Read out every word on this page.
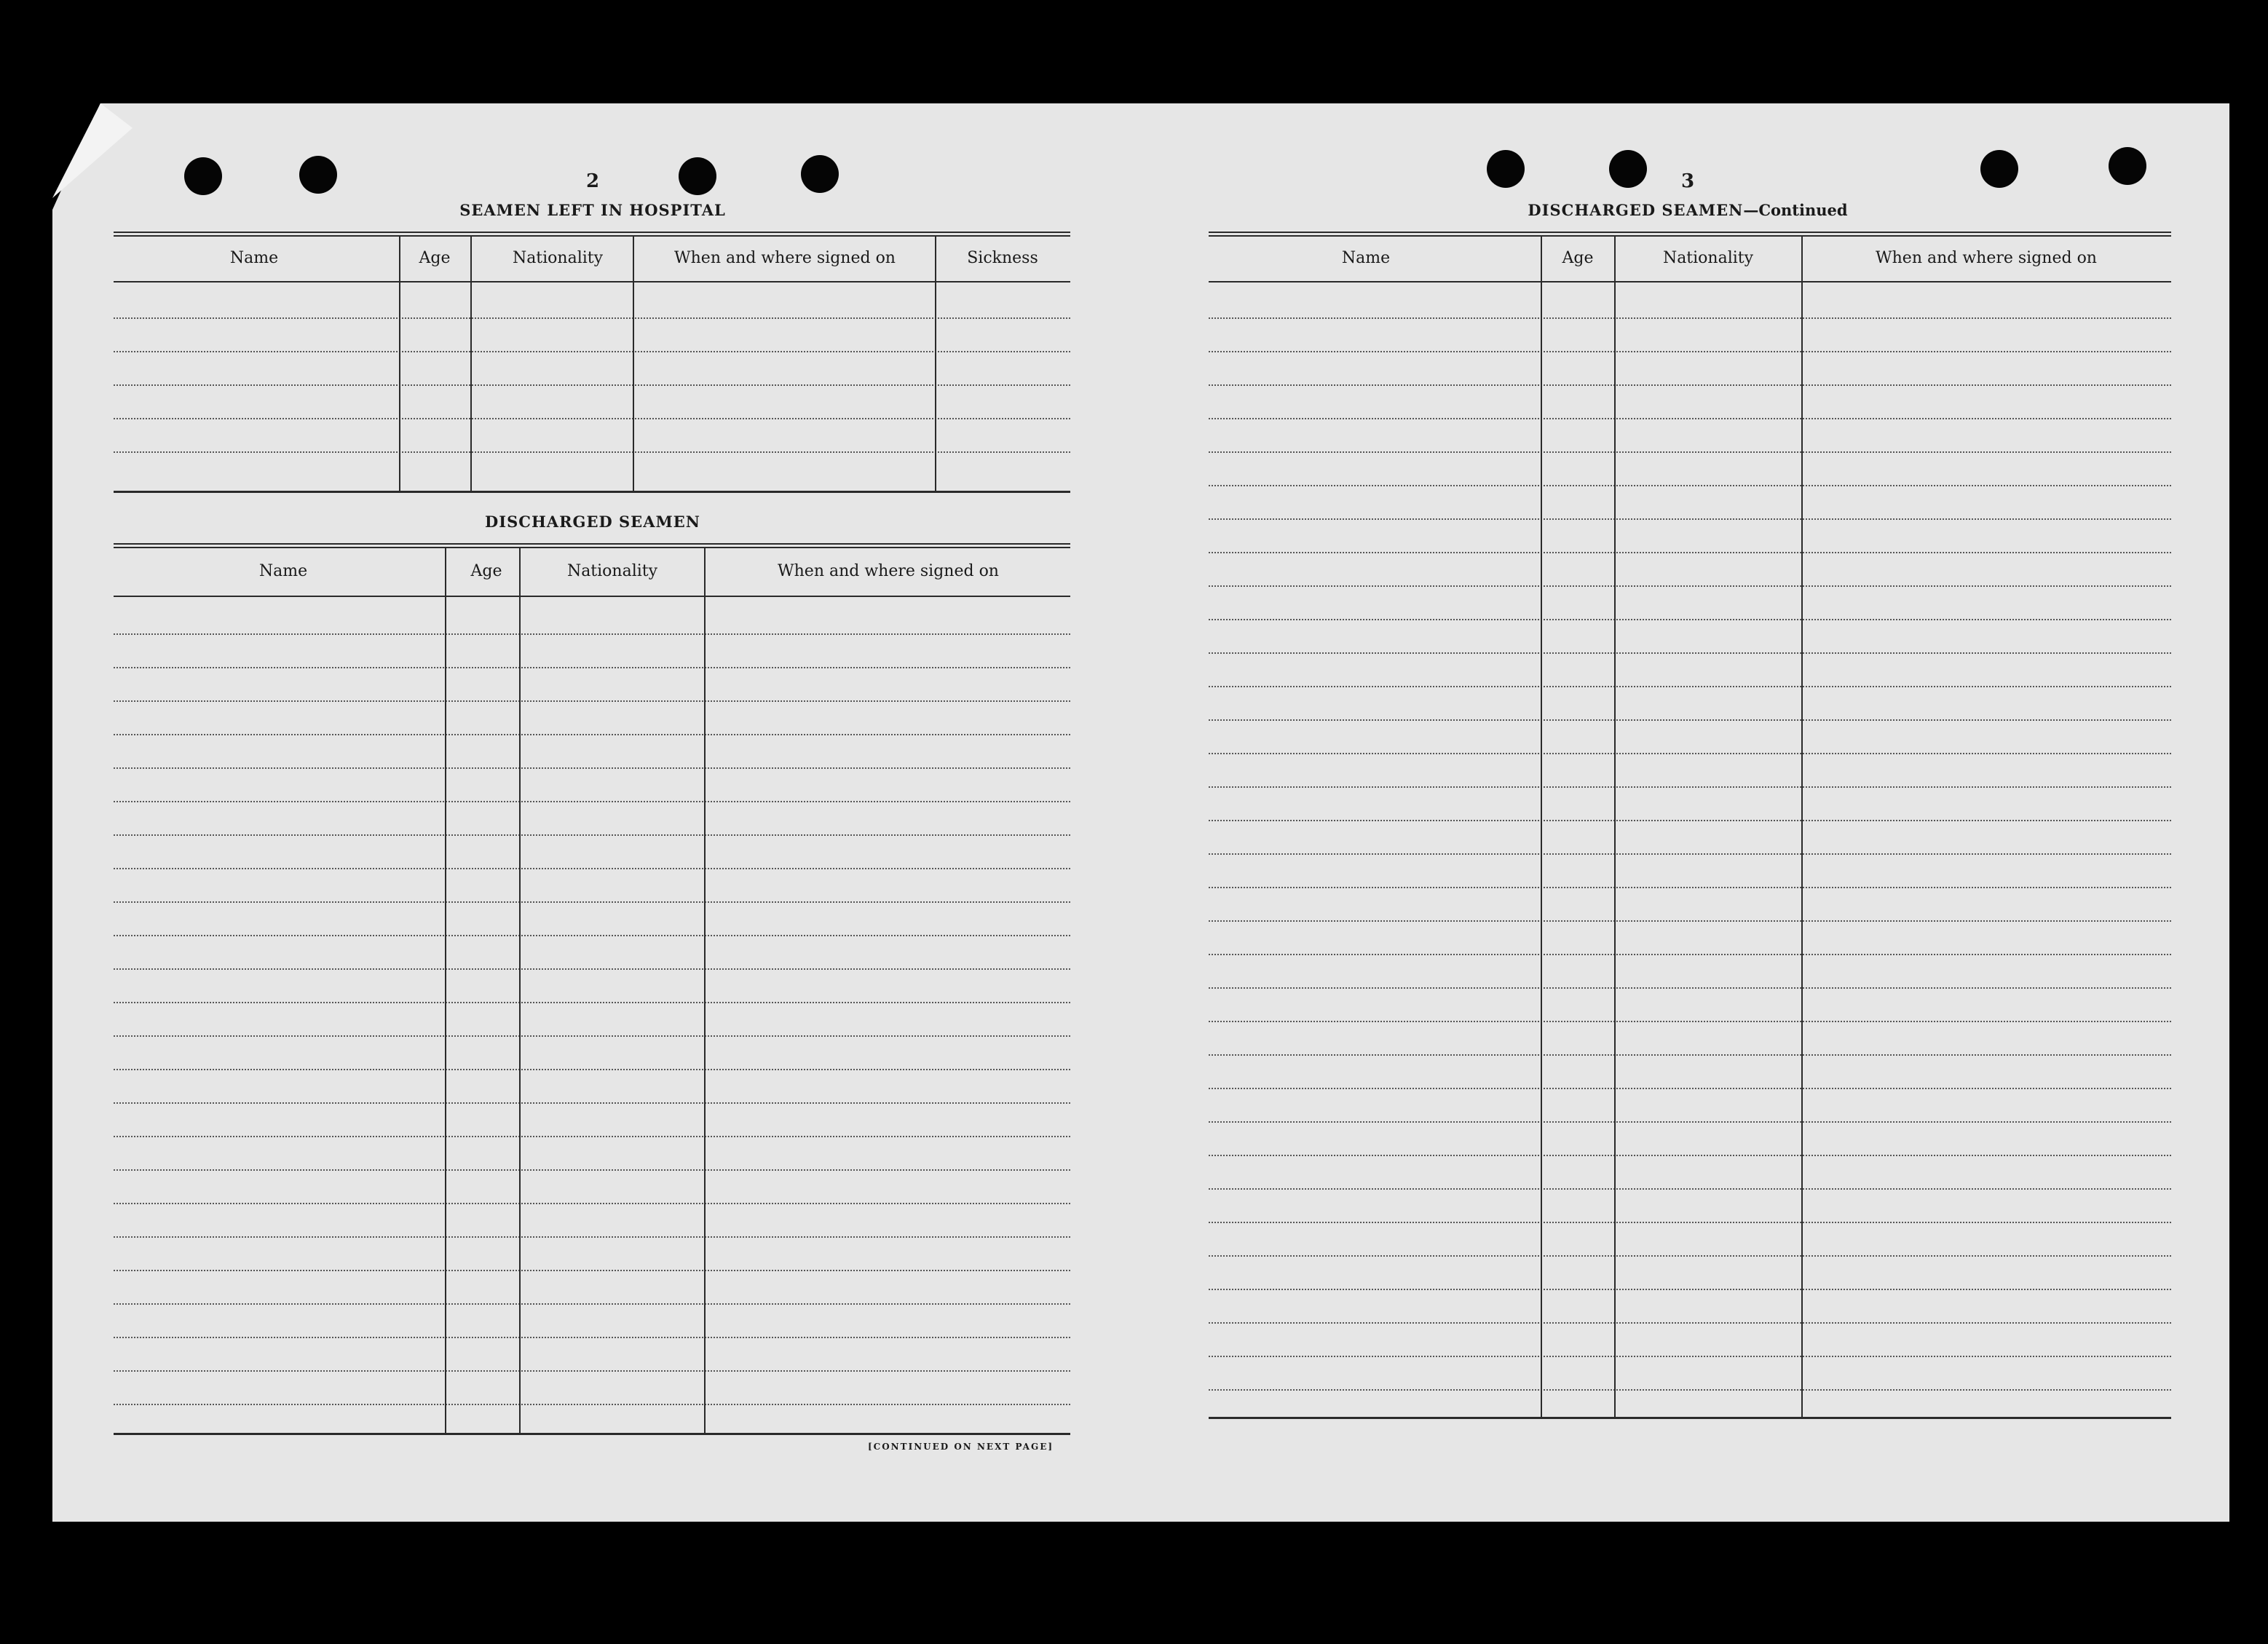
2
SEAMEN LEFT IN HOSPITAL
Name	Age	Nationality	When and where signed on	Sickness
DISCHARGED SEAMEN
Name	Age	Nationality	When and where signed on
[CONTINUED ON NEXT PAGE]
3
DISCHARGED SEAMEN—Continued
Name	Age	Nationality	When and where signed on
